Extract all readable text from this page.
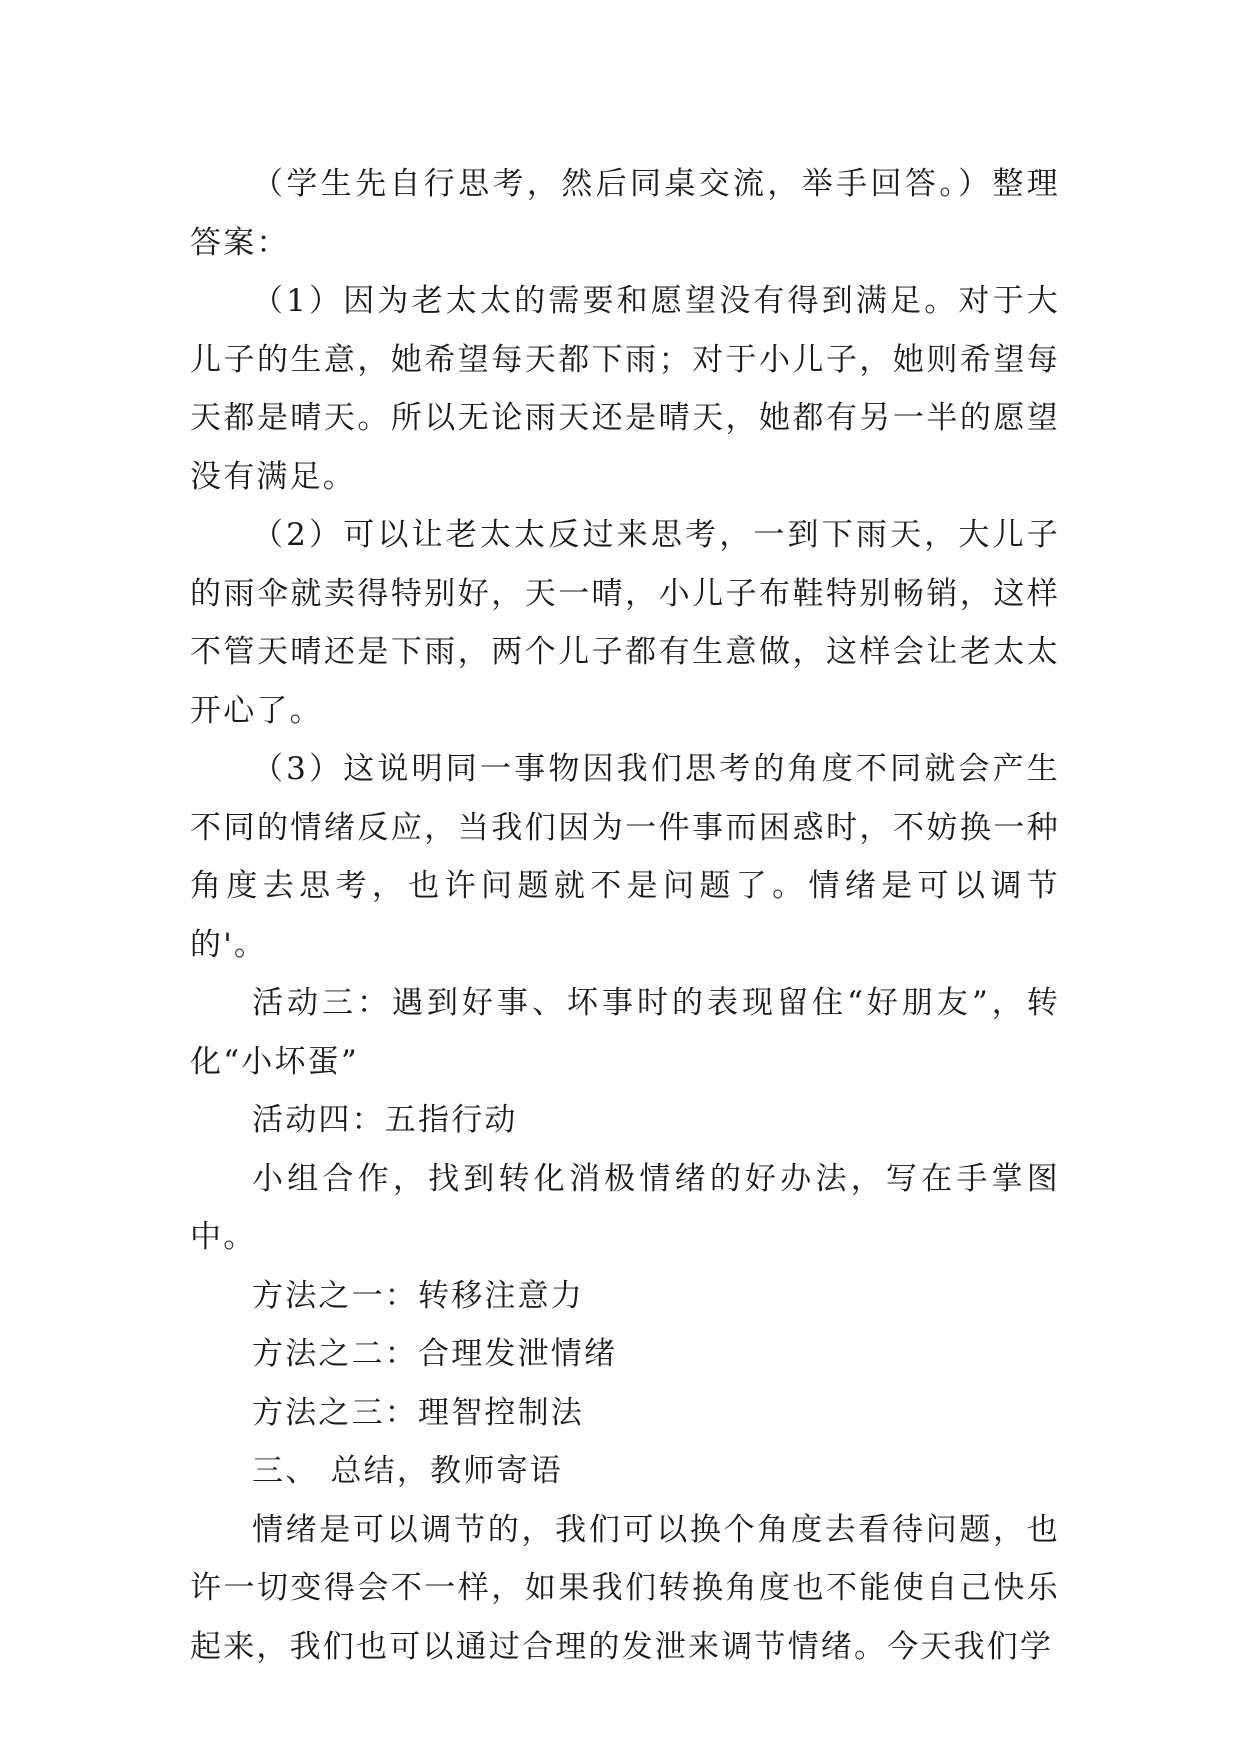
（学生先自行思考，然后同桌交流，举手回答。）整理答案：

（1）因为老太太的需要和愿望没有得到满足。对于大儿子的生意，她希望每天都下雨；对于小儿子，她则希望每天都是晴天。所以无论雨天还是晴天，她都有另一半的愿望没有满足。

（2）可以让老太太反过来思考，一到下雨天，大儿子的雨伞就卖得特别好，天一晴，小儿子布鞋特别畅销，这样不管天晴还是下雨，两个儿子都有生意做，这样会让老太太开心了。

（3）这说明同一事物因我们思考的角度不同就会产生不同的情绪反应，当我们因为一件事而困惑时，不妨换一种角度去思考，也许问题就不是问题了。情绪是可以调节的'。

活动三：遇到好事、坏事时的表现留住“好朋友”，转化“小坏蛋”

活动四：五指行动

小组合作，找到转化消极情绪的好办法，写在手掌图中。

方法之一：转移注意力

方法之二：合理发泄情绪

方法之三：理智控制法

三、 总结，教师寄语

情绪是可以调节的，我们可以换个角度去看待问题，也许一切变得会不一样，如果我们转换角度也不能使自己快乐起来，我们也可以通过合理的发泄来调节情绪。今天我们学
